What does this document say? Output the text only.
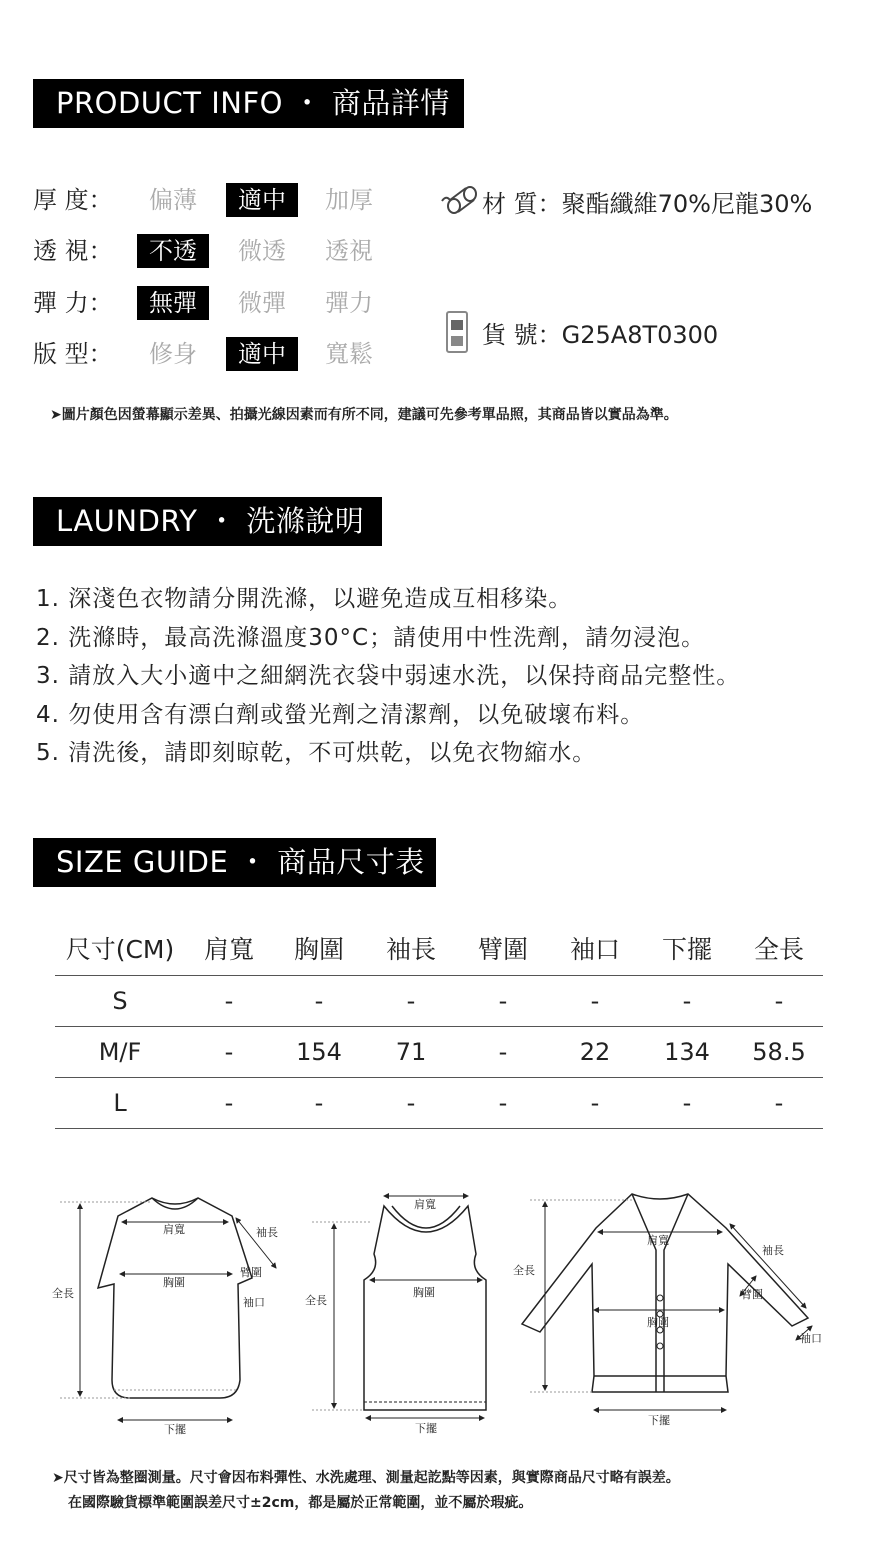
PRODUCT INFO ・ 商品詳情
厚 度：	偏薄	適中	加厚
透 視：	不透	微透	透視
彈 力：	無彈	微彈	彈力
版 型：	修身	適中	寬鬆
材 質：聚酯纖維70%尼龍30%
貨 號：G25A8T0300
➤圖片顏色因螢幕顯示差異、拍攝光線因素而有所不同，建議可先參考單品照，其商品皆以實品為準。
LAUNDRY ・ 洗滌說明
1. 深淺色衣物請分開洗滌，以避免造成互相移染。
2. 洗滌時，最高洗滌溫度30°C；請使用中性洗劑，請勿浸泡。
3. 請放入大小適中之細網洗衣袋中弱速水洗，以保持商品完整性。
4. 勿使用含有漂白劑或螢光劑之清潔劑，以免破壞布料。
5. 清洗後，請即刻晾乾，不可烘乾，以免衣物縮水。
SIZE GUIDE ・ 商品尺寸表
尺寸(CM)	肩寬	胸圍	袖長	臂圍	袖口	下擺	全長
S	-	-	-	-	-	-	-
M/F	-	154	71	-	22	134	58.5
L	-	-	-	-	-	-	-
全長
肩寬
胸圍
袖長
臂圍
袖口
下擺
全長
肩寬
胸圍
下擺
全長
肩寬
胸圍
袖長
臂圍
袖口
下擺
➤尺寸皆為整圈測量。尺寸會因布料彈性、水洗處理、測量起訖點等因素，與實際商品尺寸略有誤差。
在國際驗貨標準範圍誤差尺寸±2cm，都是屬於正常範圍，並不屬於瑕疵。
